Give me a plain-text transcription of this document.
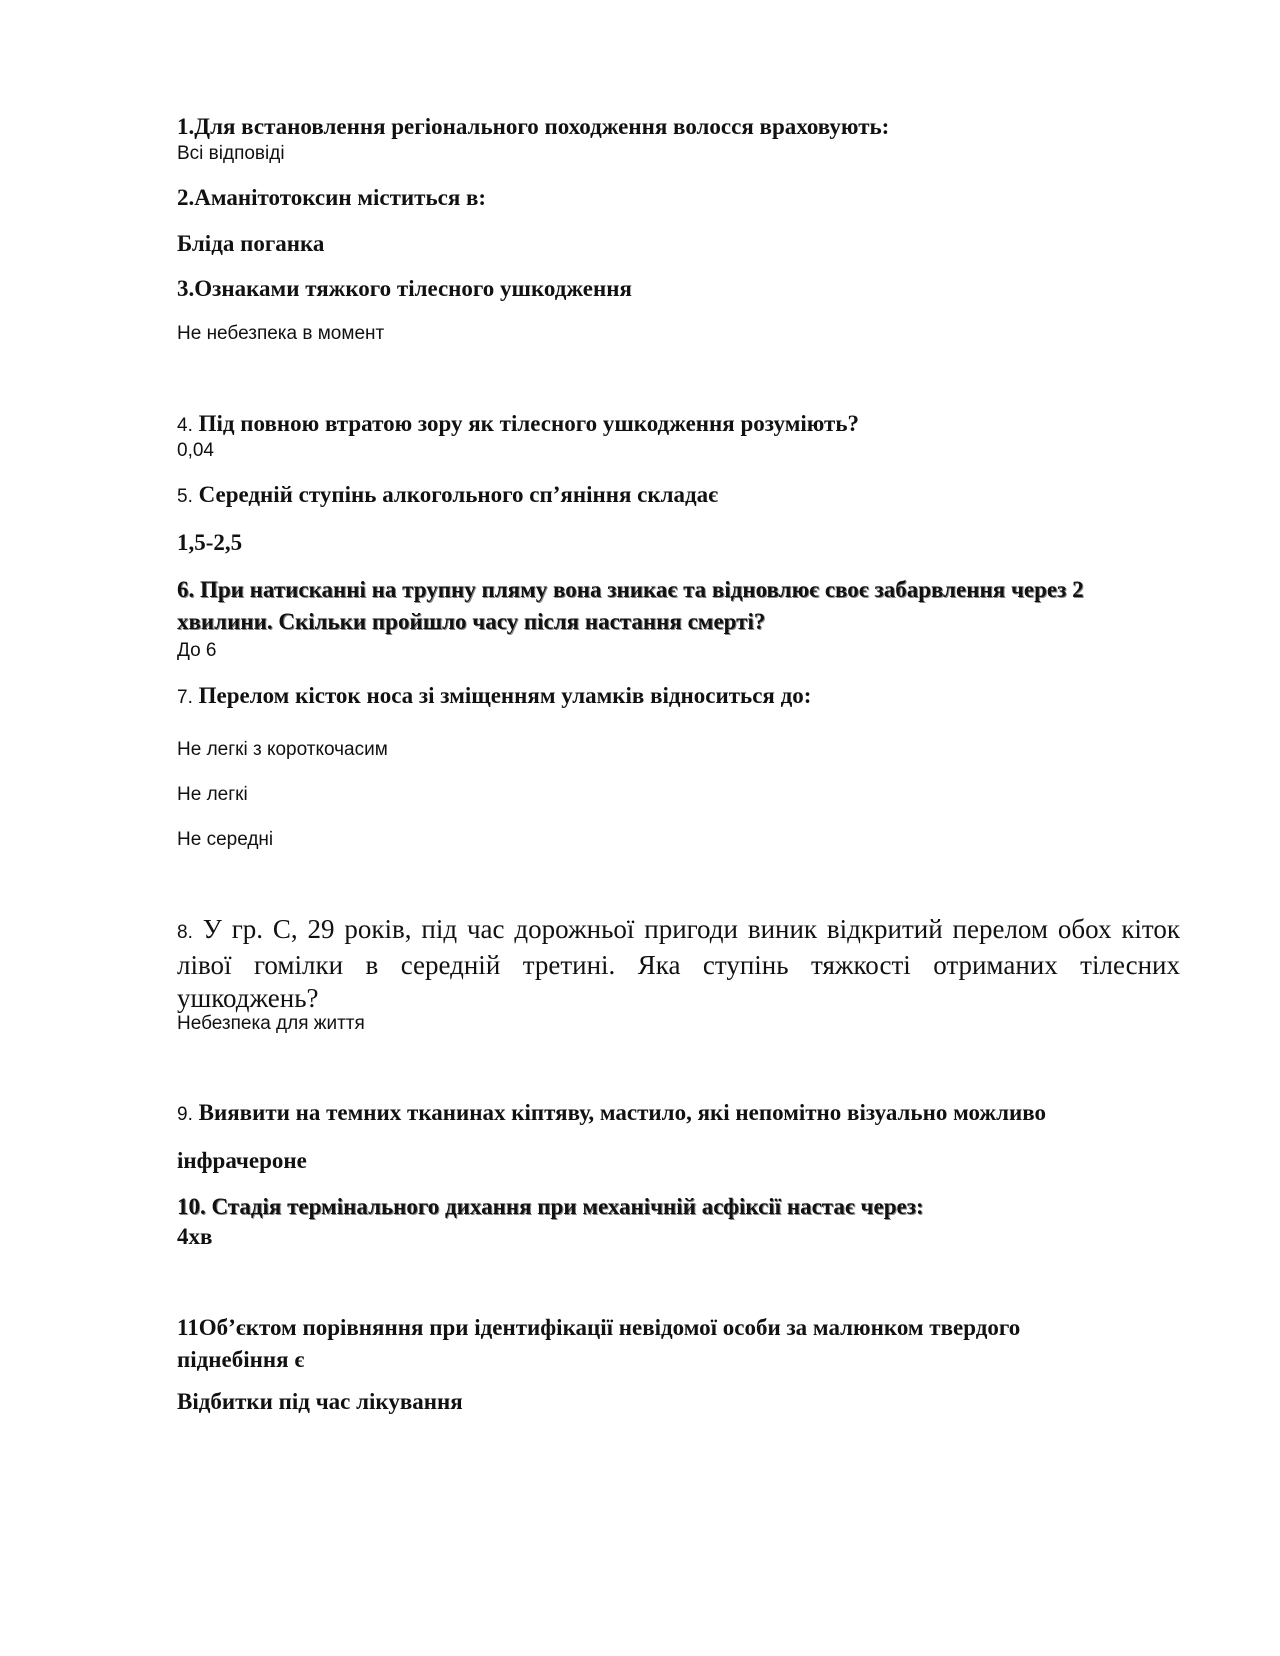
1.Для встановлення регіонального походження волосся враховують:

Всі відповіді

2.Аманітотоксин міститься в:

Бліда поганка

3.Ознаками тяжкого тілесного ушкодження

Не небезпека в момент

4. Під повною втратою зору як тілесного ушкодження розуміють?

0,04

5. Середній ступінь алкогольного сп’яніння складає

1,5-2,5

6. При натисканні на трупну пляму вона зникає та відновлює своє забарвлення через 2 хвилини. Скільки пройшло часу після настання смерті?

До 6

7. Перелом кісток носа зі зміщенням уламків відноситься до:

Не легкі з короткочасим

Не легкі

Не середні

8. У гр. С, 29 років, під час дорожньої пригоди виник відкритий перелом обох кіток лівої гомілки в середній третині. Яка ступінь тяжкості отриманих тілесних ушкоджень?

Небезпека для життя

9. Виявити на темних тканинах кіптяву, мастило, які непомітно візуально можливо

інфрачероне

10. Стадія термінального дихання при механічній асфіксії настає через:

4хв

11Об’єктом порівняння при ідентифікації невідомої особи за малюнком твердого піднебіння є

Відбитки під час лікування
